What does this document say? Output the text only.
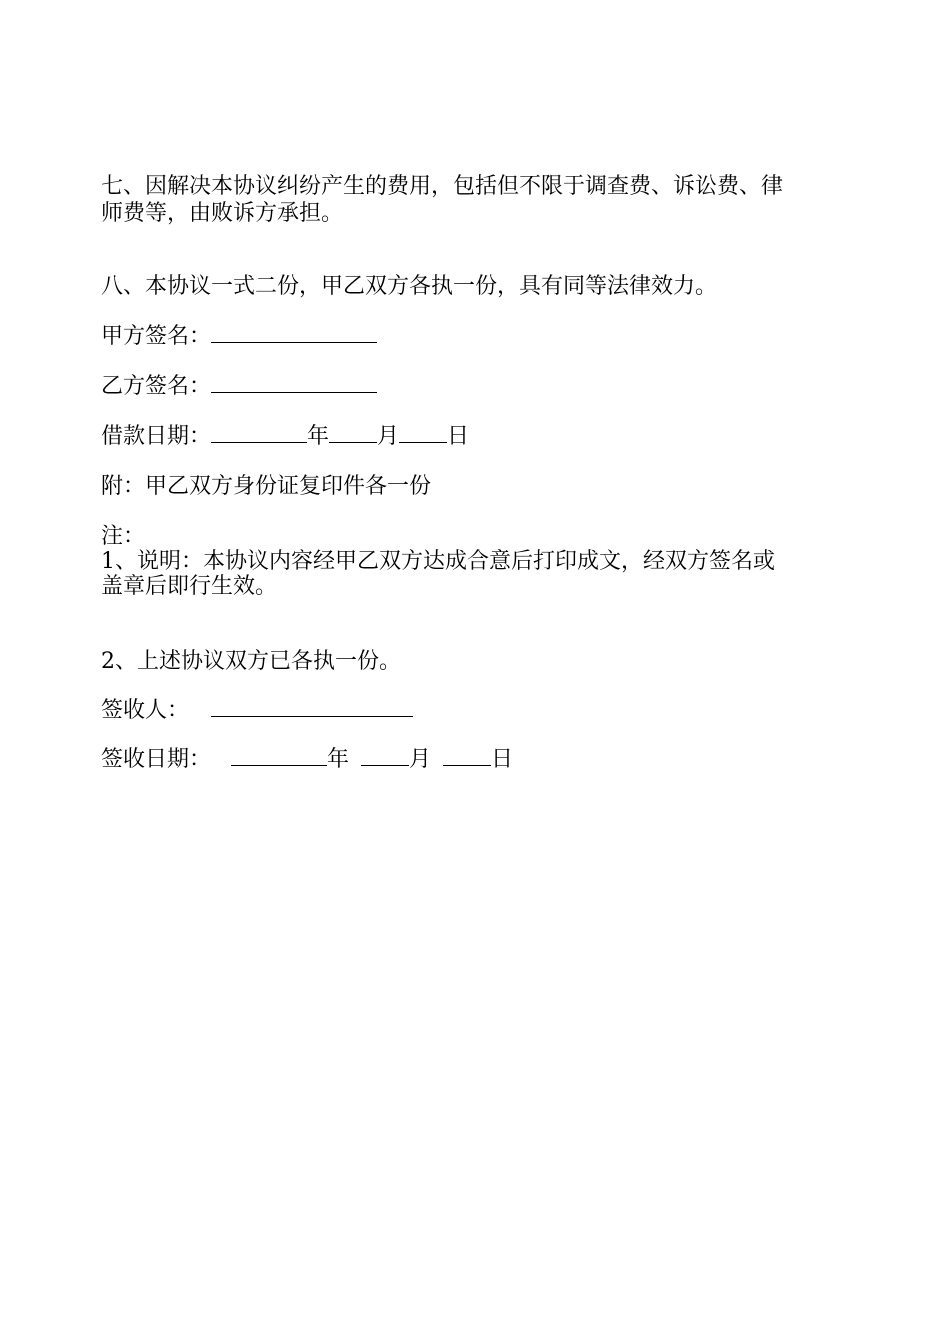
七、因解决本协议纠纷产生的费用，包括但不限于调查费、诉讼费、律
师费等，由败诉方承担。
八、本协议一式二份，甲乙双方各执一份，具有同等法律效力。
甲方签名：
乙方签名：
借款日期：	年 月 日
附：甲乙双方身份证复印件各一份
注：
1、说明：本协议内容经甲乙双方达成合意后打印成文，经双方签名或
盖章后即行生效。
2、上述协议双方已各执一份。
签收人：
签收日期：	年	月	日
